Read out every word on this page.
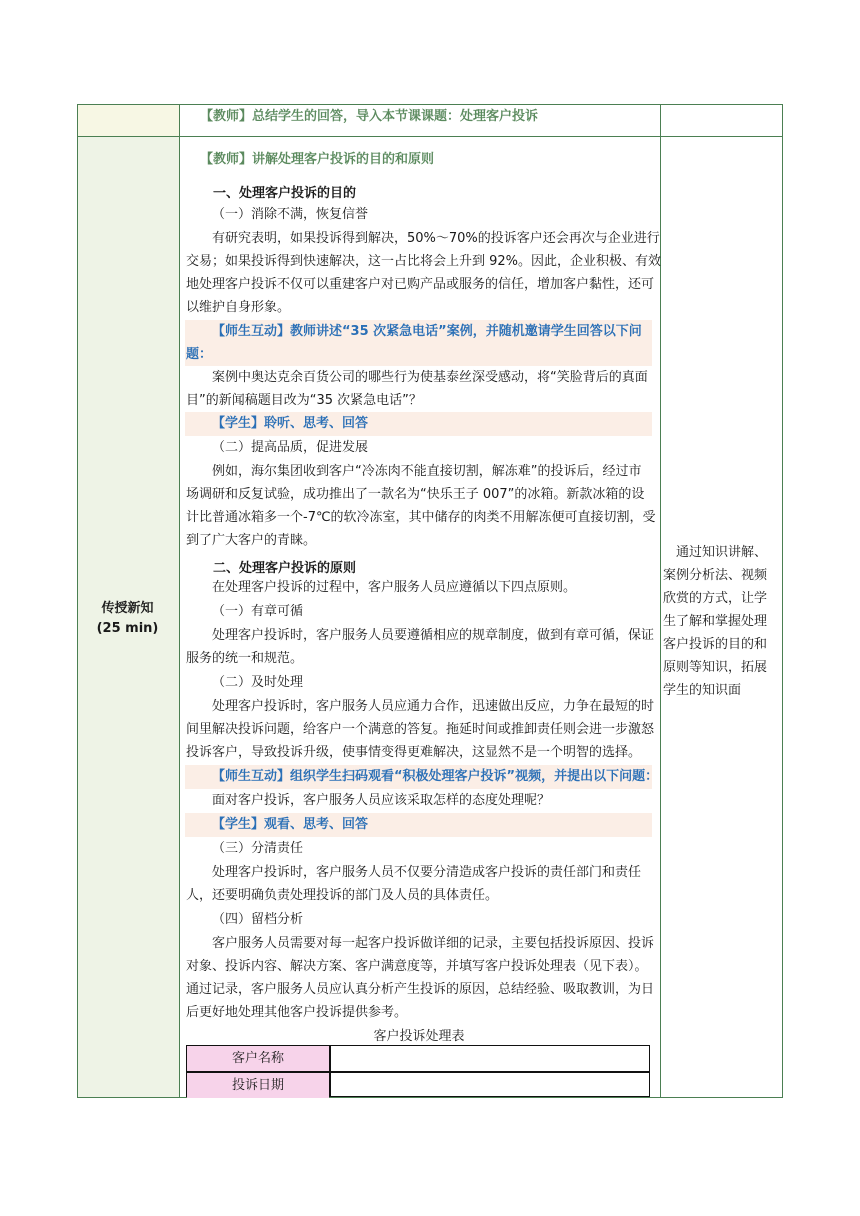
【教师】总结学生的回答，导入本节课课题：处理客户投诉
传授新知
(25 min)
【教师】讲解处理客户投诉的目的和原则
一、处理客户投诉的目的
（一）消除不满，恢复信誉
有研究表明，如果投诉得到解决，50%～70%的投诉客户还会再次与企业进行
交易；如果投诉得到快速解决，这一占比将会上升到 92%。因此，企业积极、有效
地处理客户投诉不仅可以重建客户对已购产品或服务的信任，增加客户黏性，还可
以维护自身形象。
【师生互动】教师讲述“35 次紧急电话”案例，并随机邀请学生回答以下问
题：
案例中奥达克余百货公司的哪些行为使基泰丝深受感动，将“笑脸背后的真面
目”的新闻稿题目改为“35 次紧急电话”？
【学生】聆听、思考、回答
（二）提高品质，促进发展
例如，海尔集团收到客户“冷冻肉不能直接切割，解冻难”的投诉后，经过市
场调研和反复试验，成功推出了一款名为“快乐王子 007”的冰箱。新款冰箱的设
计比普通冰箱多一个-7℃的软冷冻室，其中储存的肉类不用解冻便可直接切割，受
到了广大客户的青睐。
二、处理客户投诉的原则
在处理客户投诉的过程中，客户服务人员应遵循以下四点原则。
（一）有章可循
处理客户投诉时，客户服务人员要遵循相应的规章制度，做到有章可循，保证
服务的统一和规范。
（二）及时处理
处理客户投诉时，客户服务人员应通力合作，迅速做出反应，力争在最短的时
间里解决投诉问题，给客户一个满意的答复。拖延时间或推卸责任则会进一步激怒
投诉客户，导致投诉升级，使事情变得更难解决，这显然不是一个明智的选择。
【师生互动】组织学生扫码观看“积极处理客户投诉”视频，并提出以下问题：
面对客户投诉，客户服务人员应该采取怎样的态度处理呢？
【学生】观看、思考、回答
（三）分清责任
处理客户投诉时，客户服务人员不仅要分清造成客户投诉的责任部门和责任
人，还要明确负责处理投诉的部门及人员的具体责任。
（四）留档分析
客户服务人员需要对每一起客户投诉做详细的记录，主要包括投诉原因、投诉
对象、投诉内容、解决方案、客户满意度等，并填写客户投诉处理表（见下表）。
通过记录，客户服务人员应认真分析产生投诉的原因，总结经验、吸取教训，为日
后更好地处理其他客户投诉提供参考。
客户投诉处理表
客户名称
投诉日期
　通过知识讲解、
案例分析法、视频
欣赏的方式，让学
生了解和掌握处理
客户投诉的目的和
原则等知识，拓展
学生的知识面
